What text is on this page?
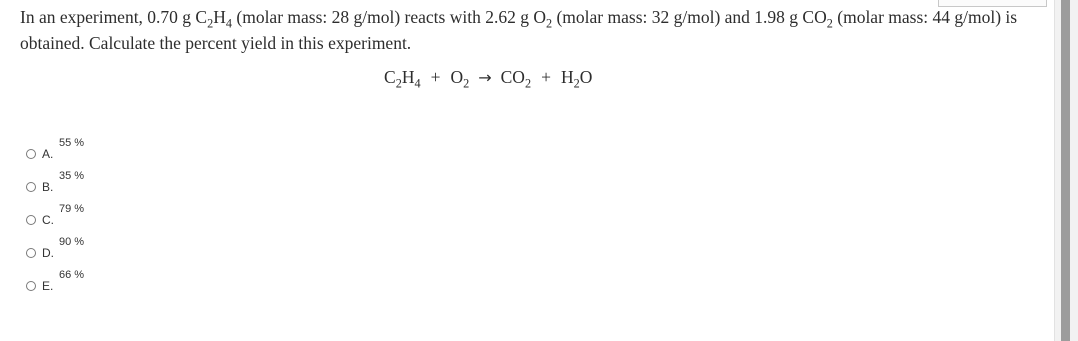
In an experiment, 0.70 g $C_2H_4$ (molar mass: 28 g/mol) reacts with 2.62 g $O_2$ (molar mass: 32 g/mol) and 1.98 g $CO_2$ (molar mass: 44 g/mol) is obtained. Calculate the percent yield in this experiment.
$C_2H_4 + O_2 \to CO_2 + H_2O$
A.
55 %
B.
35 %
C.
79 %
D.
90 %
E.
66 %
